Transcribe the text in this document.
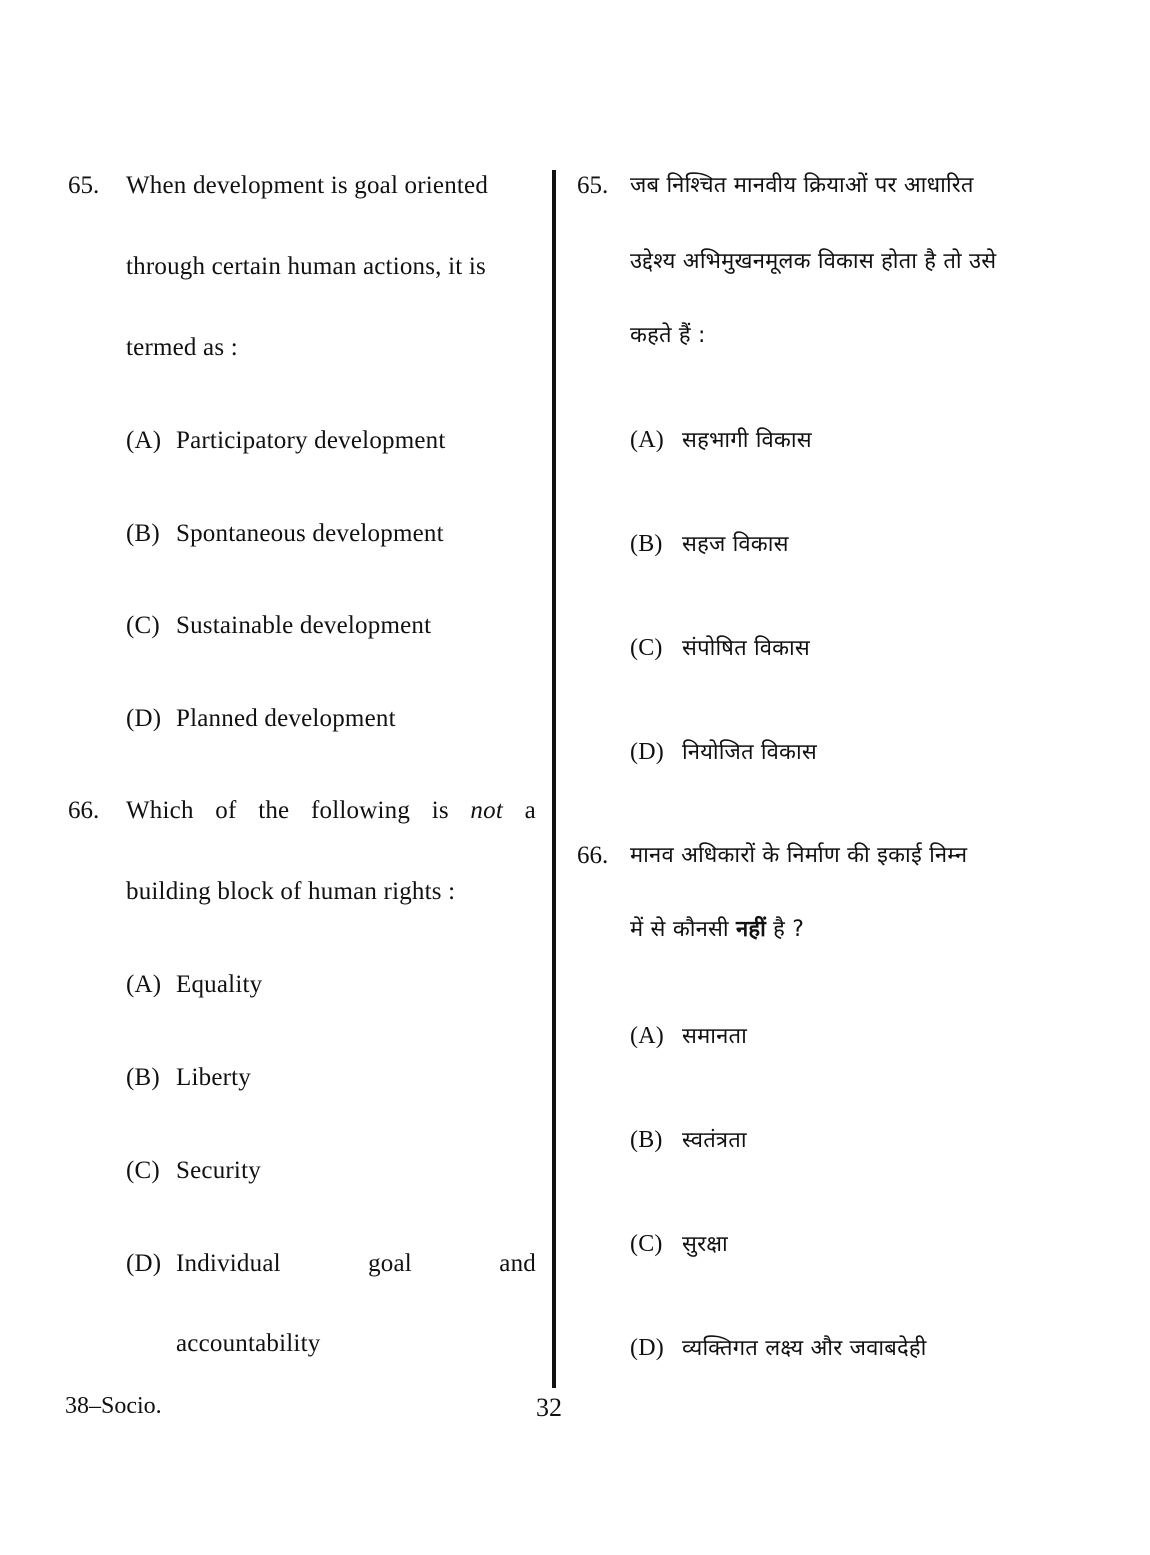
65. When development is goal oriented
through certain human actions, it is
termed as :
(A) Participatory development
(B) Spontaneous development
(C) Sustainable development
(D) Planned development
66. Which of the following is not a
building block of human rights :
(A) Equality
(B) Liberty
(C) Security
(D) Individual	goal	and
accountability
65. जब निश्चित मानवीय क्रियाओं पर आधारित
उद्देश्य अभिमुखनमूलक विकास होता है तो उसे
कहते हैं :
(A) सहभागी विकास
(B) सहज विकास
(C) संपोषित विकास
(D) नियोजित विकास
66. मानव अधिकारों के निर्माण की इकाई निम्न
में से कौनसी नहीं है ?
(A) समानता
(B) स्वतंत्रता
(C) सुरक्षा
(D) व्यक्तिगत लक्ष्य और जवाबदेही
38–Socio.	32
